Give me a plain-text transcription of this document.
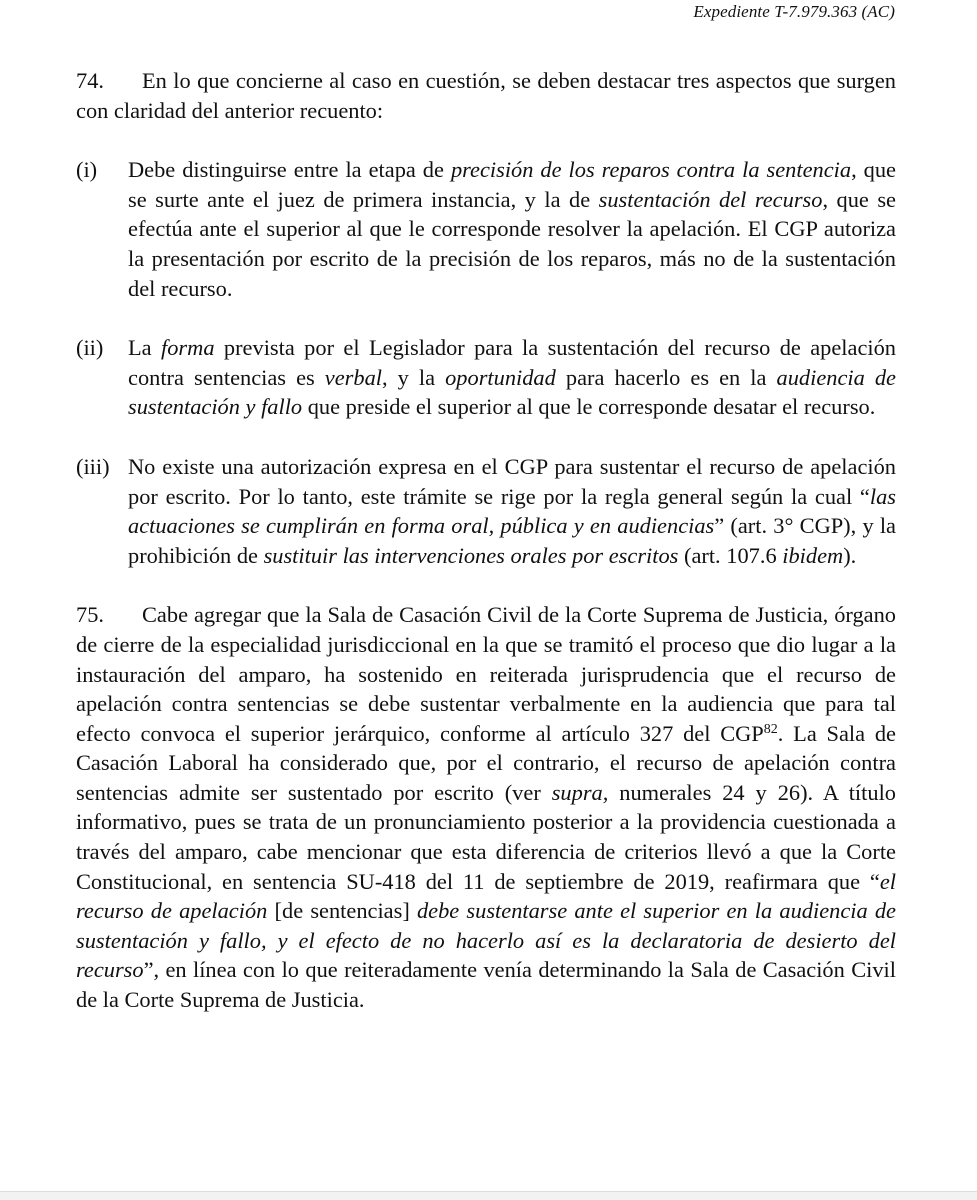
Expediente T-7.979.363 (AC)

74. En lo que concierne al caso en cuestión, se deben destacar tres aspectos que surgen con claridad del anterior recuento:

(i)	Debe distinguirse entre la etapa de precisión de los reparos contra la sentencia, que se surte ante el juez de primera instancia, y la de sustentación del recurso, que se efectúa ante el superior al que le corresponde resolver la apelación. El CGP autoriza la presentación por escrito de la precisión de los reparos, más no de la sustentación del recurso.
(ii)	La forma prevista por el Legislador para la sustentación del recurso de apelación contra sentencias es verbal, y la oportunidad para hacerlo es en la audiencia de sustentación y fallo que preside el superior al que le corresponde desatar el recurso.
(iii) No existe una autorización expresa en el CGP para sustentar el recurso de apelación por escrito. Por lo tanto, este trámite se rige por la regla general según la cual “las actuaciones se cumplirán en forma oral, pública y en audiencias” (art. 3° CGP), y la prohibición de sustituir las intervenciones orales por escritos (art. 107.6 ibidem).

75. Cabe agregar que la Sala de Casación Civil de la Corte Suprema de Justicia, órgano de cierre de la especialidad jurisdiccional en la que se tramitó el proceso que dio lugar a la instauración del amparo, ha sostenido en reiterada jurisprudencia que el recurso de apelación contra sentencias se debe sustentar verbalmente en la audiencia que para tal efecto convoca el superior jerárquico, conforme al artículo 327 del CGP$^{82}$. La Sala de Casación Laboral ha considerado que, por el contrario, el recurso de apelación contra sentencias admite ser sustentado por escrito (ver supra, numerales 24 y 26). A título informativo, pues se trata de un pronunciamiento posterior a la providencia cuestionada a través del amparo, cabe mencionar que esta diferencia de criterios llevó a que la Corte Constitucional, en sentencia SU-418 del 11 de septiembre de 2019, reafirmara que “el recurso de apelación [de sentencias] debe sustentarse ante el superior en la audiencia de sustentación y fallo, y el efecto de no hacerlo así es la declaratoria de desierto del recurso”, en línea con lo que reiteradamente venía determinando la Sala de Casación Civil de la Corte Suprema de Justicia.
